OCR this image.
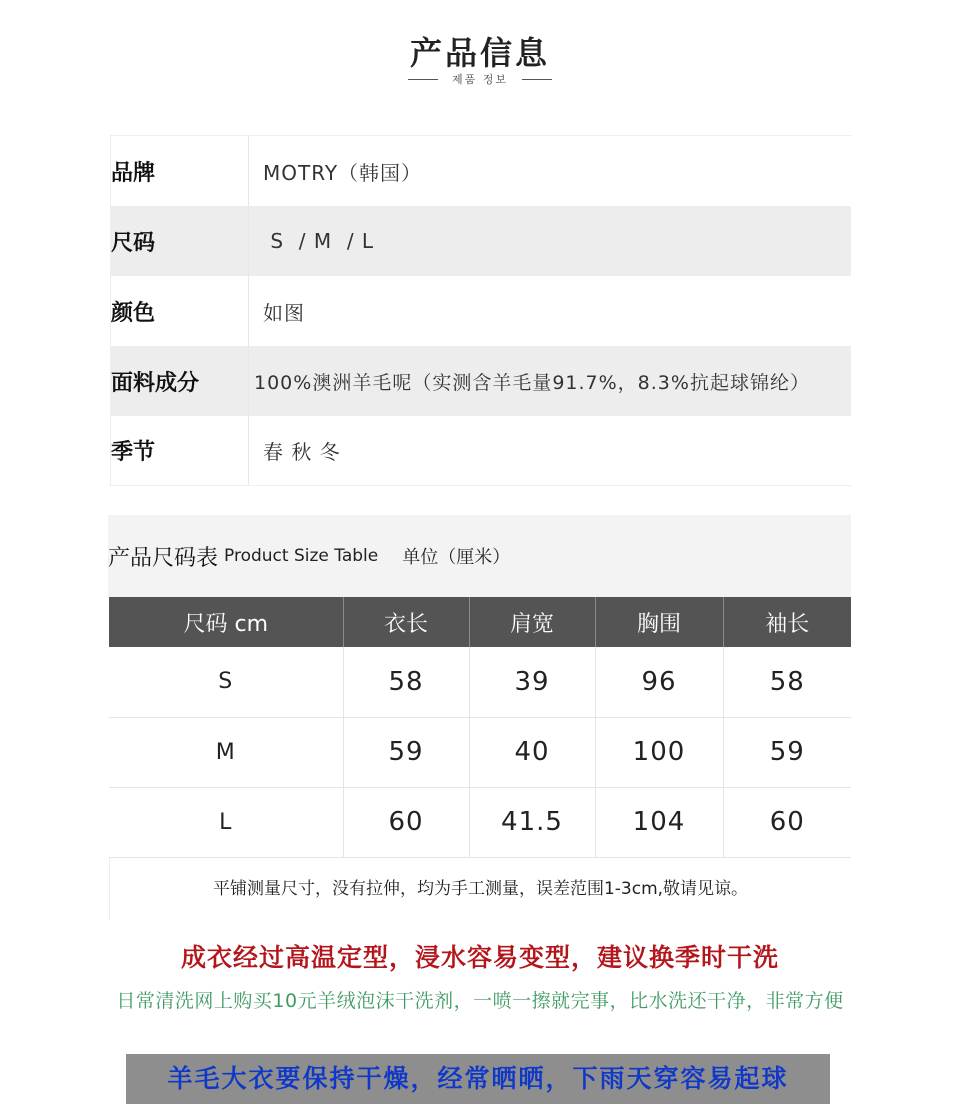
产品信息
제품 정보
品牌	MOTRY（韩国）
尺码	S  / M  / L
颜色	如图
面料成分	100%澳洲羊毛呢（实测含羊毛量91.7%，8.3%抗起球锦纶）
季节	春 秋 冬
产品尺码表 Product Size Table 单位（厘米）
尺码 cm	衣长	肩宽	胸围	袖长
S	58	39	96	58
M	59	40	100	59
L	60	41.5	104	60
平铺测量尺寸，没有拉伸，均为手工测量，误差范围1-3cm,敬请见谅。
成衣经过高温定型，浸水容易变型，建议换季时干洗
日常清洗网上购买10元羊绒泡沫干洗剂，一喷一擦就完事，比水洗还干净，非常方便
羊毛大衣要保持干燥，经常晒晒，下雨天穿容易起球
